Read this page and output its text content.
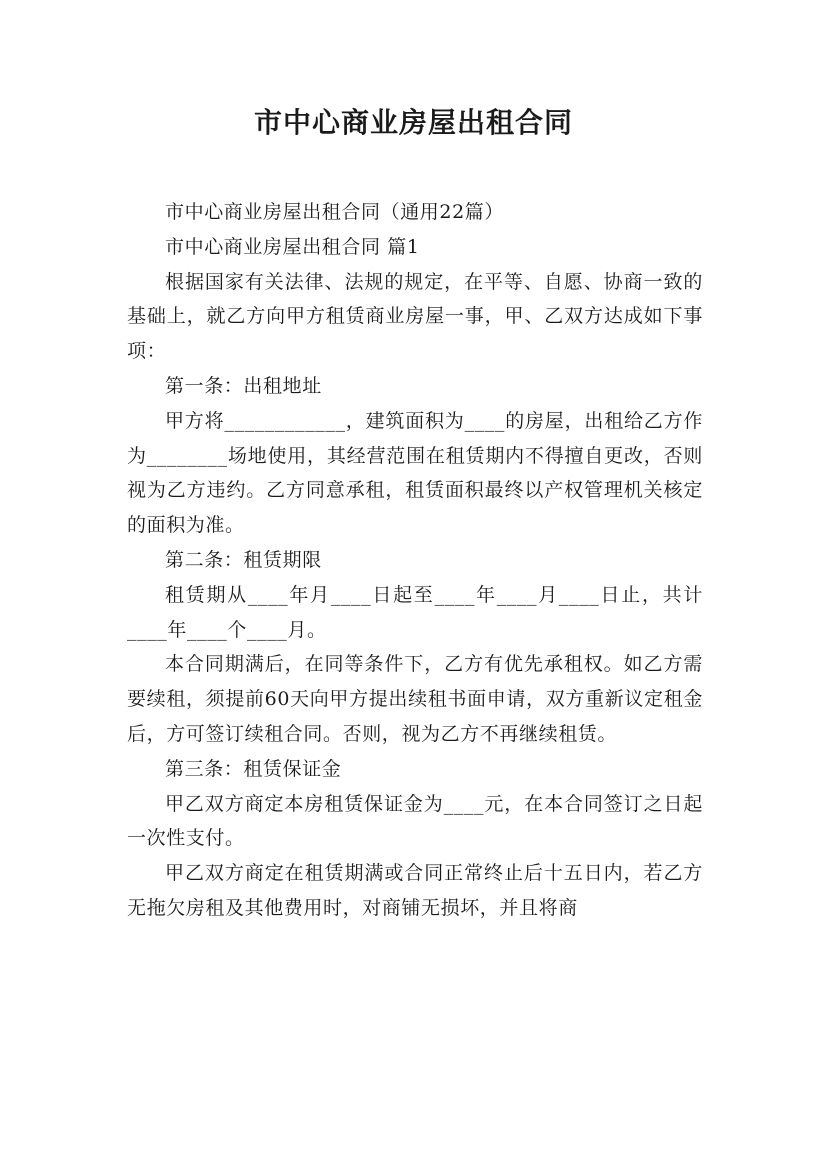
市中心商业房屋出租合同

市中心商业房屋出租合同（通用22篇）

市中心商业房屋出租合同 篇1

根据国家有关法律、法规的规定，在平等、自愿、协商一致的基础上，就乙方向甲方租赁商业房屋一事，甲、乙双方达成如下事项：

第一条：出租地址

甲方将____________，建筑面积为____的房屋，出租给乙方作为________场地使用，其经营范围在租赁期内不得擅自更改，否则视为乙方违约。乙方同意承租，租赁面积最终以产权管理机关核定的面积为准。

第二条：租赁期限

租赁期从____年月____日起至____年____月____日止，共计____年____个____月。

本合同期满后，在同等条件下，乙方有优先承租权。如乙方需要续租，须提前60天向甲方提出续租书面申请，双方重新议定租金后，方可签订续租合同。否则，视为乙方不再继续租赁。

第三条：租赁保证金

甲乙双方商定本房租赁保证金为____元，在本合同签订之日起一次性支付。

甲乙双方商定在租赁期满或合同正常终止后十五日内，若乙方无拖欠房租及其他费用时，对商铺无损坏，并且将商
